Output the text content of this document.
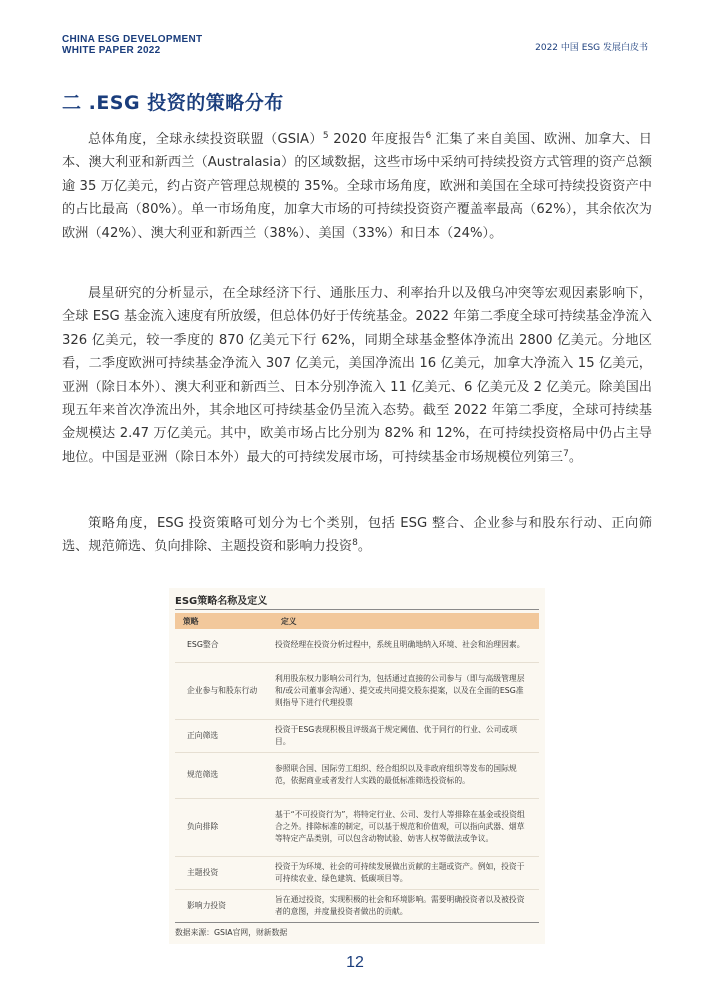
CHINA ESG DEVELOPMENT
WHITE PAPER 2022	2022 中国 ESG 发展白皮书
二 .ESG 投资的策略分布

总体角度，全球永续投资联盟（GSIA）$^5$ 2020 年度报告$^6$ 汇集了来自美国、欧洲、加拿大、日本、澳大利亚和新西兰（Australasia）的区域数据，这些市场中采纳可持续投资方式管理的资产总额逾 35 万亿美元，约占资产管理总规模的 35%。全球市场角度，欧洲和美国在全球可持续投资资产中的占比最高（80%）。单一市场角度，加拿大市场的可持续投资资产覆盖率最高（62%），其余依次为欧洲（42%）、澳大利亚和新西兰（38%）、美国（33%）和日本（24%）。

晨星研究的分析显示，在全球经济下行、通胀压力、利率抬升以及俄乌冲突等宏观因素影响下，全球 ESG 基金流入速度有所放缓，但总体仍好于传统基金。2022 年第二季度全球可持续基金净流入 326 亿美元，较一季度的 870 亿美元下行 62%，同期全球基金整体净流出 2800 亿美元。分地区看，二季度欧洲可持续基金净流入 307 亿美元，美国净流出 16 亿美元，加拿大净流入 15 亿美元，亚洲（除日本外）、澳大利亚和新西兰、日本分别净流入 11 亿美元、6 亿美元及 2 亿美元。除美国出现五年来首次净流出外，其余地区可持续基金仍呈流入态势。截至 2022 年第二季度，全球可持续基金规模达 2.47 万亿美元。其中，欧美市场占比分别为 82% 和 12%，在可持续投资格局中仍占主导地位。中国是亚洲（除日本外）最大的可持续发展市场，可持续基金市场规模位列第三$^7$。

策略角度，ESG 投资策略可划分为七个类别，包括 ESG 整合、企业参与和股东行动、正向筛选、规范筛选、负向排除、主题投资和影响力投资$^8$。

ESG策略名称及定义
策略	定义
ESG整合	投资经理在投资分析过程中，系统且明确地纳入环境、社会和治理因素。
企业参与和股东行动	利用股东权力影响公司行为，包括通过直接的公司参与（即与高级管理层和/或公司董事会沟通）、提交或共同提交股东提案，以及在全面的ESG准则指导下进行代理投票
正向筛选	投资于ESG表现积极且评级高于规定阈值、优于同行的行业、公司或项目。
规范筛选	参照联合国、国际劳工组织、经合组织以及非政府组织等发布的国际规范，依据商业或者发行人实践的最低标准筛选投资标的。
负向排除	基于“不可投资行为”，将特定行业、公司、发行人等排除在基金或投资组合之外。排除标准的制定，可以基于规范和价值观，可以指向武器、烟草等特定产品类别，可以包含动物试验、妨害人权等做法或争议。
主题投资	投资于为环境、社会的可持续发展做出贡献的主题或资产。例如，投资于可持续农业、绿色建筑、低碳项目等。
影响力投资	旨在通过投资，实现积极的社会和环境影响。需要明确投资者以及被投资者的意图，并度量投资者做出的贡献。
数据来源：GSIA官网，财新数据
12
